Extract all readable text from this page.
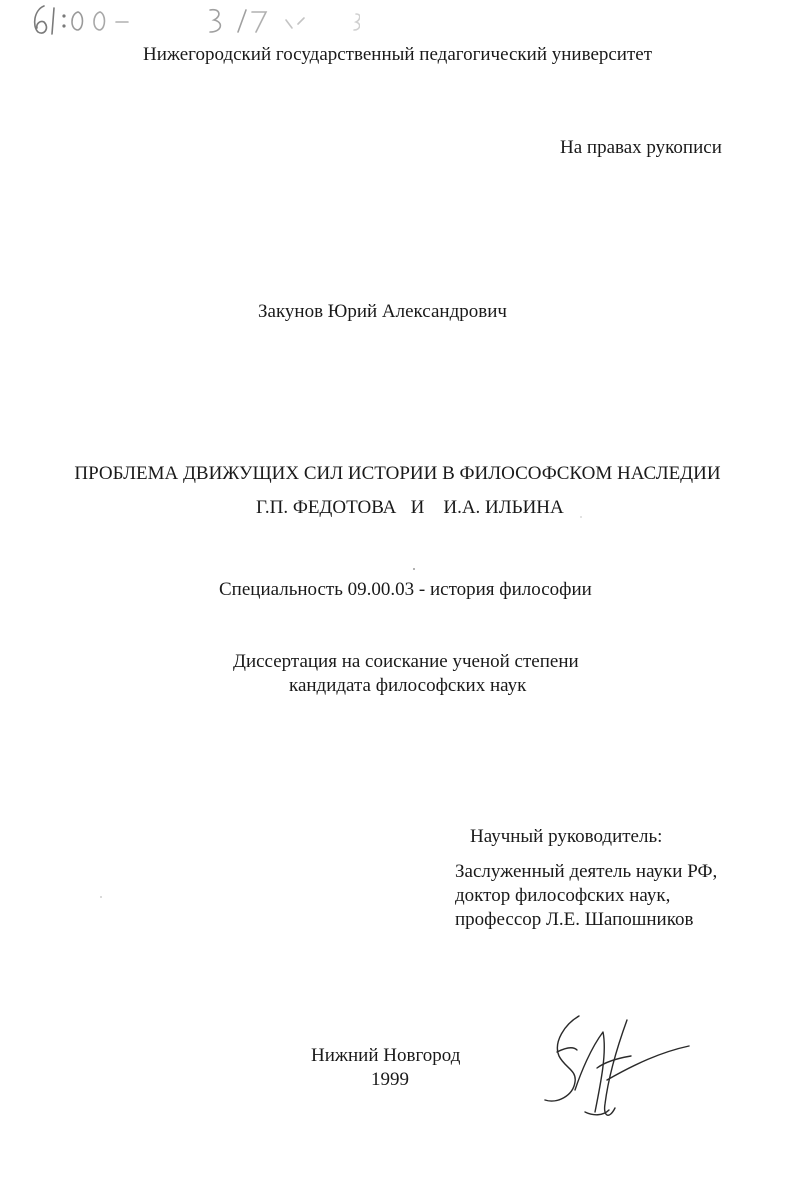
Нижегородский государственный педагогический университет
На правах рукописи
Закунов Юрий Александрович
ПРОБЛЕМА ДВИЖУЩИХ СИЛ ИСТОРИИ В ФИЛОСОФСКОМ НАСЛЕДИИ
Г.П. ФЕДОТОВА   И    И.А. ИЛЬИНА
Специальность 09.00.03 - история философии
Диссертация на соискание ученой степени
кандидата философских наук
Научный руководитель:
Заслуженный деятель науки РФ,
доктор философских наук,
профессор Л.Е. Шапошников
Нижний Новгород
1999
